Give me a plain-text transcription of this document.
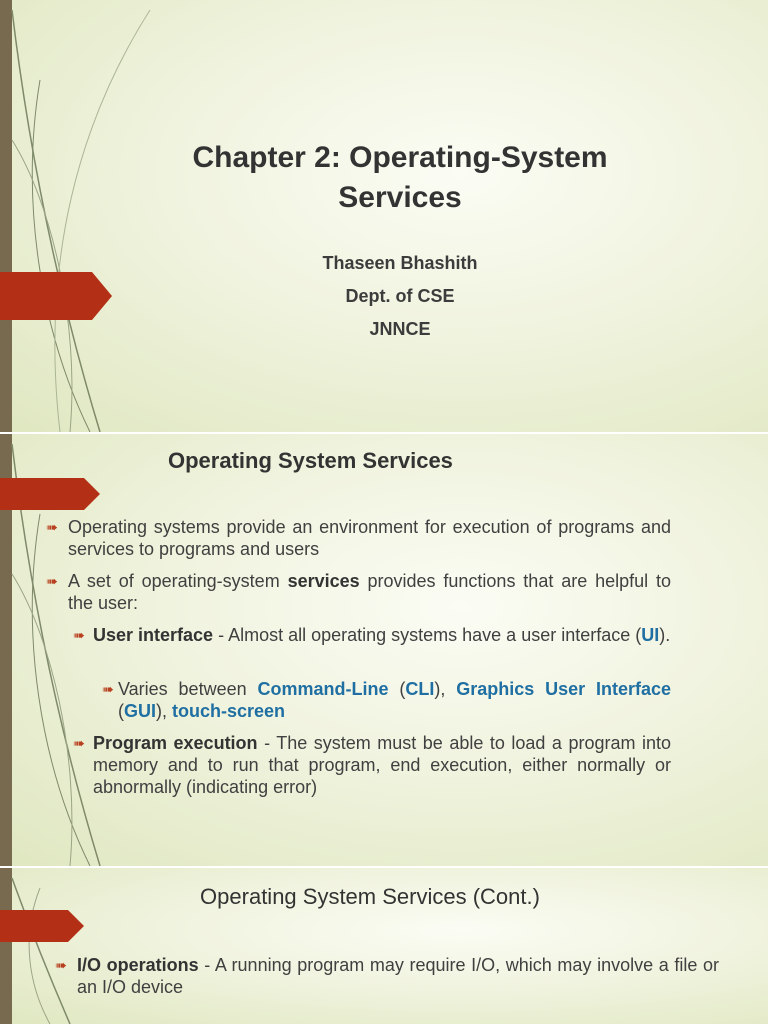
Chapter 2: Operating-System
Services
Thaseen Bhashith
Dept. of CSE
JNNCE
Operating System Services
➠ Operating systems provide an environment for execution of programs and services to programs and users
➠ A set of operating-system services provides functions that are helpful to the user:
➠ User interface - Almost all operating systems have a user interface (UI).
➠ Varies between Command-Line (CLI), Graphics User Interface (GUI), touch-screen
➠ Program execution - The system must be able to load a program into memory and to run that program, end execution, either normally or abnormally (indicating error)
Operating System Services (Cont.)
➠ I/O operations - A running program may require I/O, which may involve a file or an I/O device
